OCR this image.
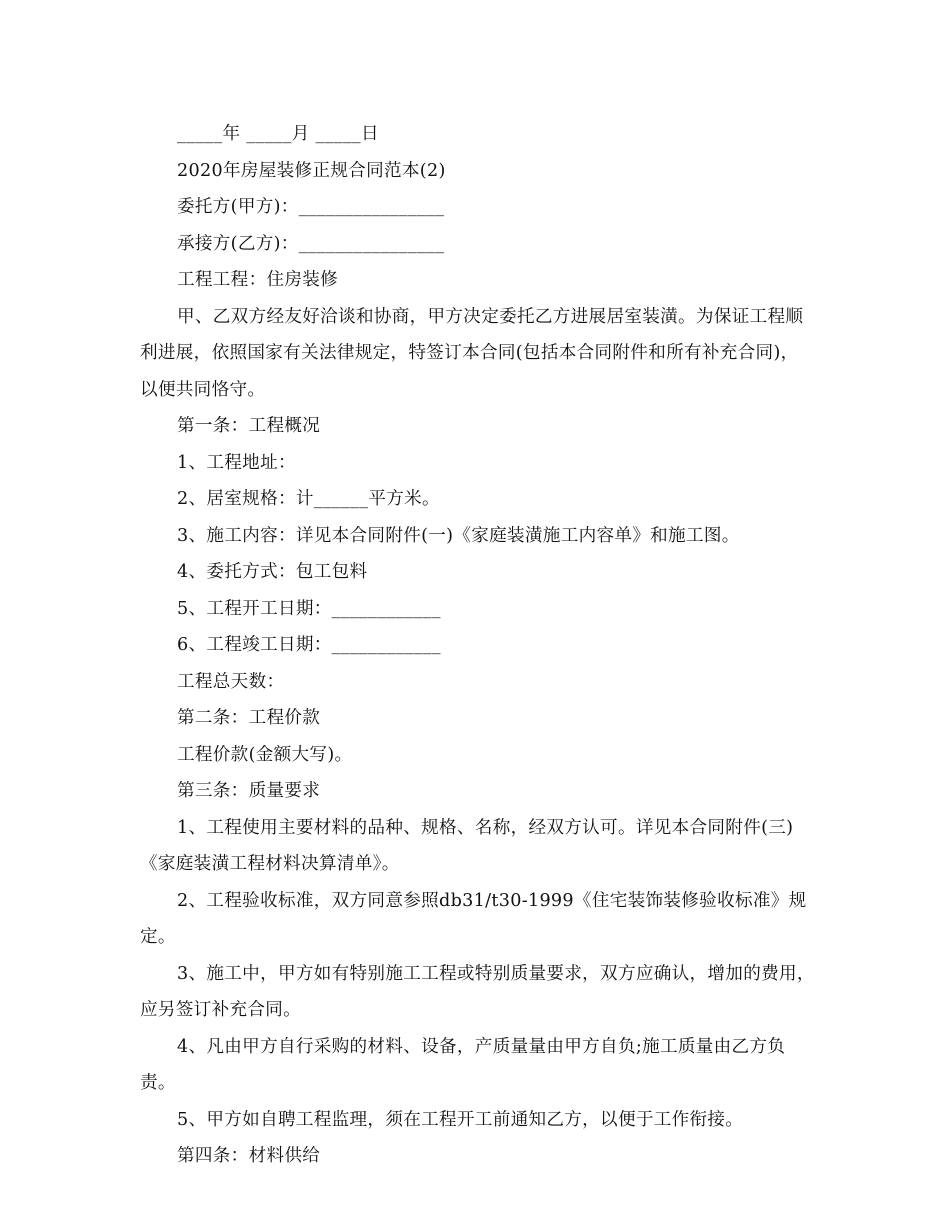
_____年 _____月 _____日

2020年房屋装修正规合同范本(2)

委托方(甲方)：________________

承接方(乙方)：________________

工程工程：住房装修

甲、乙双方经友好洽谈和协商，甲方决定委托乙方进展居室装潢。为保证工程顺利进展，依照国家有关法律规定，特签订本合同(包括本合同附件和所有补充合同)，以便共同恪守。

第一条：工程概况

1、工程地址：

2、居室规格：计______平方米。

3、施工内容：详见本合同附件(一)《家庭装潢施工内容单》和施工图。

4、委托方式：包工包料

5、工程开工日期：____________

6、工程竣工日期：____________

工程总天数：

第二条：工程价款

工程价款(金额大写)。

第三条：质量要求

1、工程使用主要材料的品种、规格、名称，经双方认可。详见本合同附件(三)《家庭装潢工程材料决算清单》。

2、工程验收标准，双方同意参照db31/t30-1999《住宅装饰装修验收标准》规定。

3、施工中，甲方如有特别施工工程或特别质量要求，双方应确认，增加的费用，应另签订补充合同。

4、凡由甲方自行采购的材料、设备，产质量量由甲方自负;施工质量由乙方负责。

5、甲方如自聘工程监理，须在工程开工前通知乙方，以便于工作衔接。

第四条：材料供给
